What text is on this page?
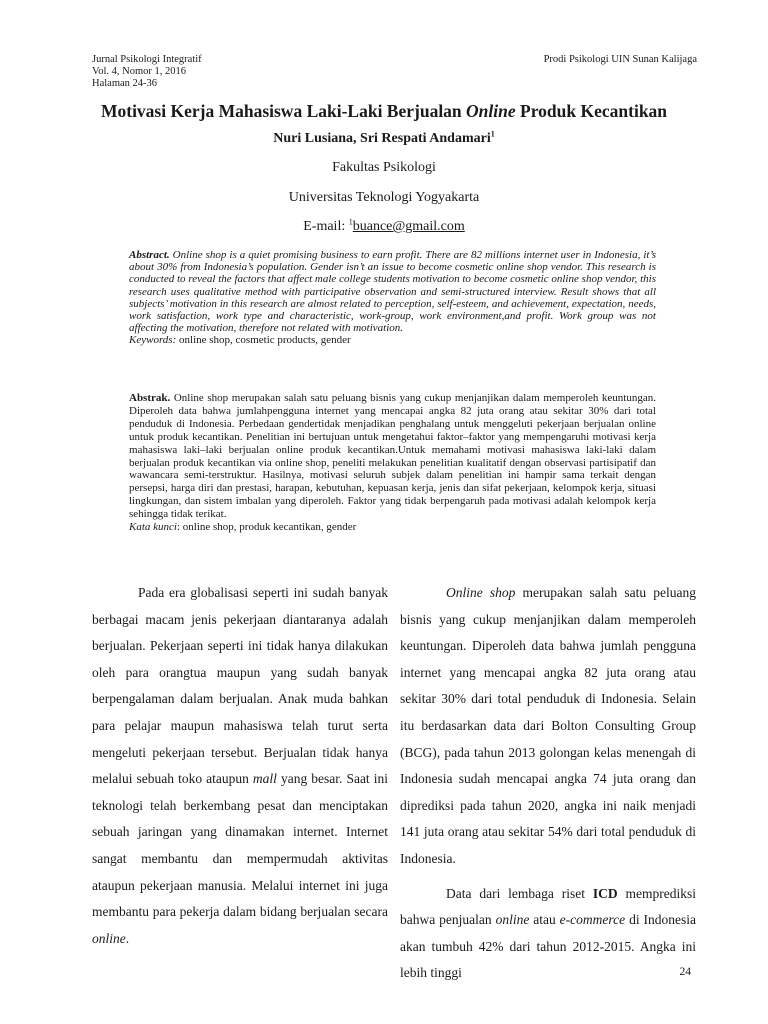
Jurnal Psikologi Integratif
Vol. 4, Nomor 1, 2016
Halaman 24-36
Prodi Psikologi UIN Sunan Kalijaga
Motivasi Kerja Mahasiswa Laki-Laki Berjualan Online Produk Kecantikan
Nuri Lusiana, Sri Respati Andamari$^1$
Fakultas Psikologi
Universitas Teknologi Yogyakarta
E-mail: $^1$buance@gmail.com
Abstract. Online shop is a quiet promising business to earn profit. There are 82 millions internet user in Indonesia, it’s about 30% from Indonesia’s population. Gender isn’t an issue to become cosmetic online shop vendor. This research is conducted to reveal the factors that affect male college students motivation to become cosmetic online shop vendor, this research uses qualitative method with participative observation and semi-structured interview. Result shows that all subjects’ motivation in this research are almost related to perception, self-esteem, and achievement, expectation, needs, work satisfaction, work type and characteristic, work-group, work environment,and profit. Work group was not affecting the motivation, therefore not related with motivation.
Keywords: online shop, cosmetic products, gender
Abstrak. Online shop merupakan salah satu peluang bisnis yang cukup menjanjikan dalam memperoleh keuntungan. Diperoleh data bahwa jumlahpengguna internet yang mencapai angka 82 juta orang atau sekitar 30% dari total penduduk di Indonesia. Perbedaan gendertidak menjadikan penghalang untuk menggeluti pekerjaan berjualan online untuk produk kecantikan. Penelitian ini bertujuan untuk mengetahui faktor–faktor yang mempengaruhi motivasi kerja mahasiswa laki–laki berjualan online produk kecantikan.Untuk memahami motivasi mahasiswa laki-laki dalam berjualan produk kecantikan via online shop, peneliti melakukan penelitian kualitatif dengan observasi partisipatif dan wawancara semi-terstruktur. Hasilnya, motivasi seluruh subjek dalam penelitian ini hampir sama terkait dengan persepsi, harga diri dan prestasi, harapan, kebutuhan, kepuasan kerja, jenis dan sifat pekerjaan, kelompok kerja, situasi lingkungan, dan sistem imbalan yang diperoleh. Faktor yang tidak berpengaruh pada motivasi adalah kelompok kerja sehingga tidak terikat.
Kata kunci: online shop, produk kecantikan, gender

Pada era globalisasi seperti ini sudah banyak berbagai macam jenis pekerjaan diantaranya adalah berjualan. Pekerjaan seperti ini tidak hanya dilakukan oleh para orangtua maupun yang sudah banyak berpengalaman dalam berjualan. Anak muda bahkan para pelajar maupun mahasiswa telah turut serta mengeluti pekerjaan tersebut. Berjualan tidak hanya melalui sebuah toko ataupun mall yang besar. Saat ini teknologi telah berkembang pesat dan menciptakan sebuah jaringan yang dinamakan internet. Internet sangat membantu dan mempermudah aktivitas ataupun pekerjaan manusia. Melalui internet ini juga membantu para pekerja dalam bidang berjualan secara online.

Online shop merupakan salah satu peluang bisnis yang cukup menjanjikan dalam memperoleh keuntungan. Diperoleh data bahwa jumlah pengguna internet yang mencapai angka 82 juta orang atau sekitar 30% dari total penduduk di Indonesia. Selain itu berdasarkan data dari Bolton Consulting Group (BCG), pada tahun 2013 golongan kelas menengah di Indonesia sudah mencapai angka 74 juta orang dan diprediksi pada tahun 2020, angka ini naik menjadi 141 juta orang atau sekitar 54% dari total penduduk di Indonesia.

Data dari lembaga riset ICD memprediksi bahwa penjualan online atau e-commerce di Indonesia akan tumbuh 42% dari tahun 2012-2015. Angka ini lebih tinggi	24
